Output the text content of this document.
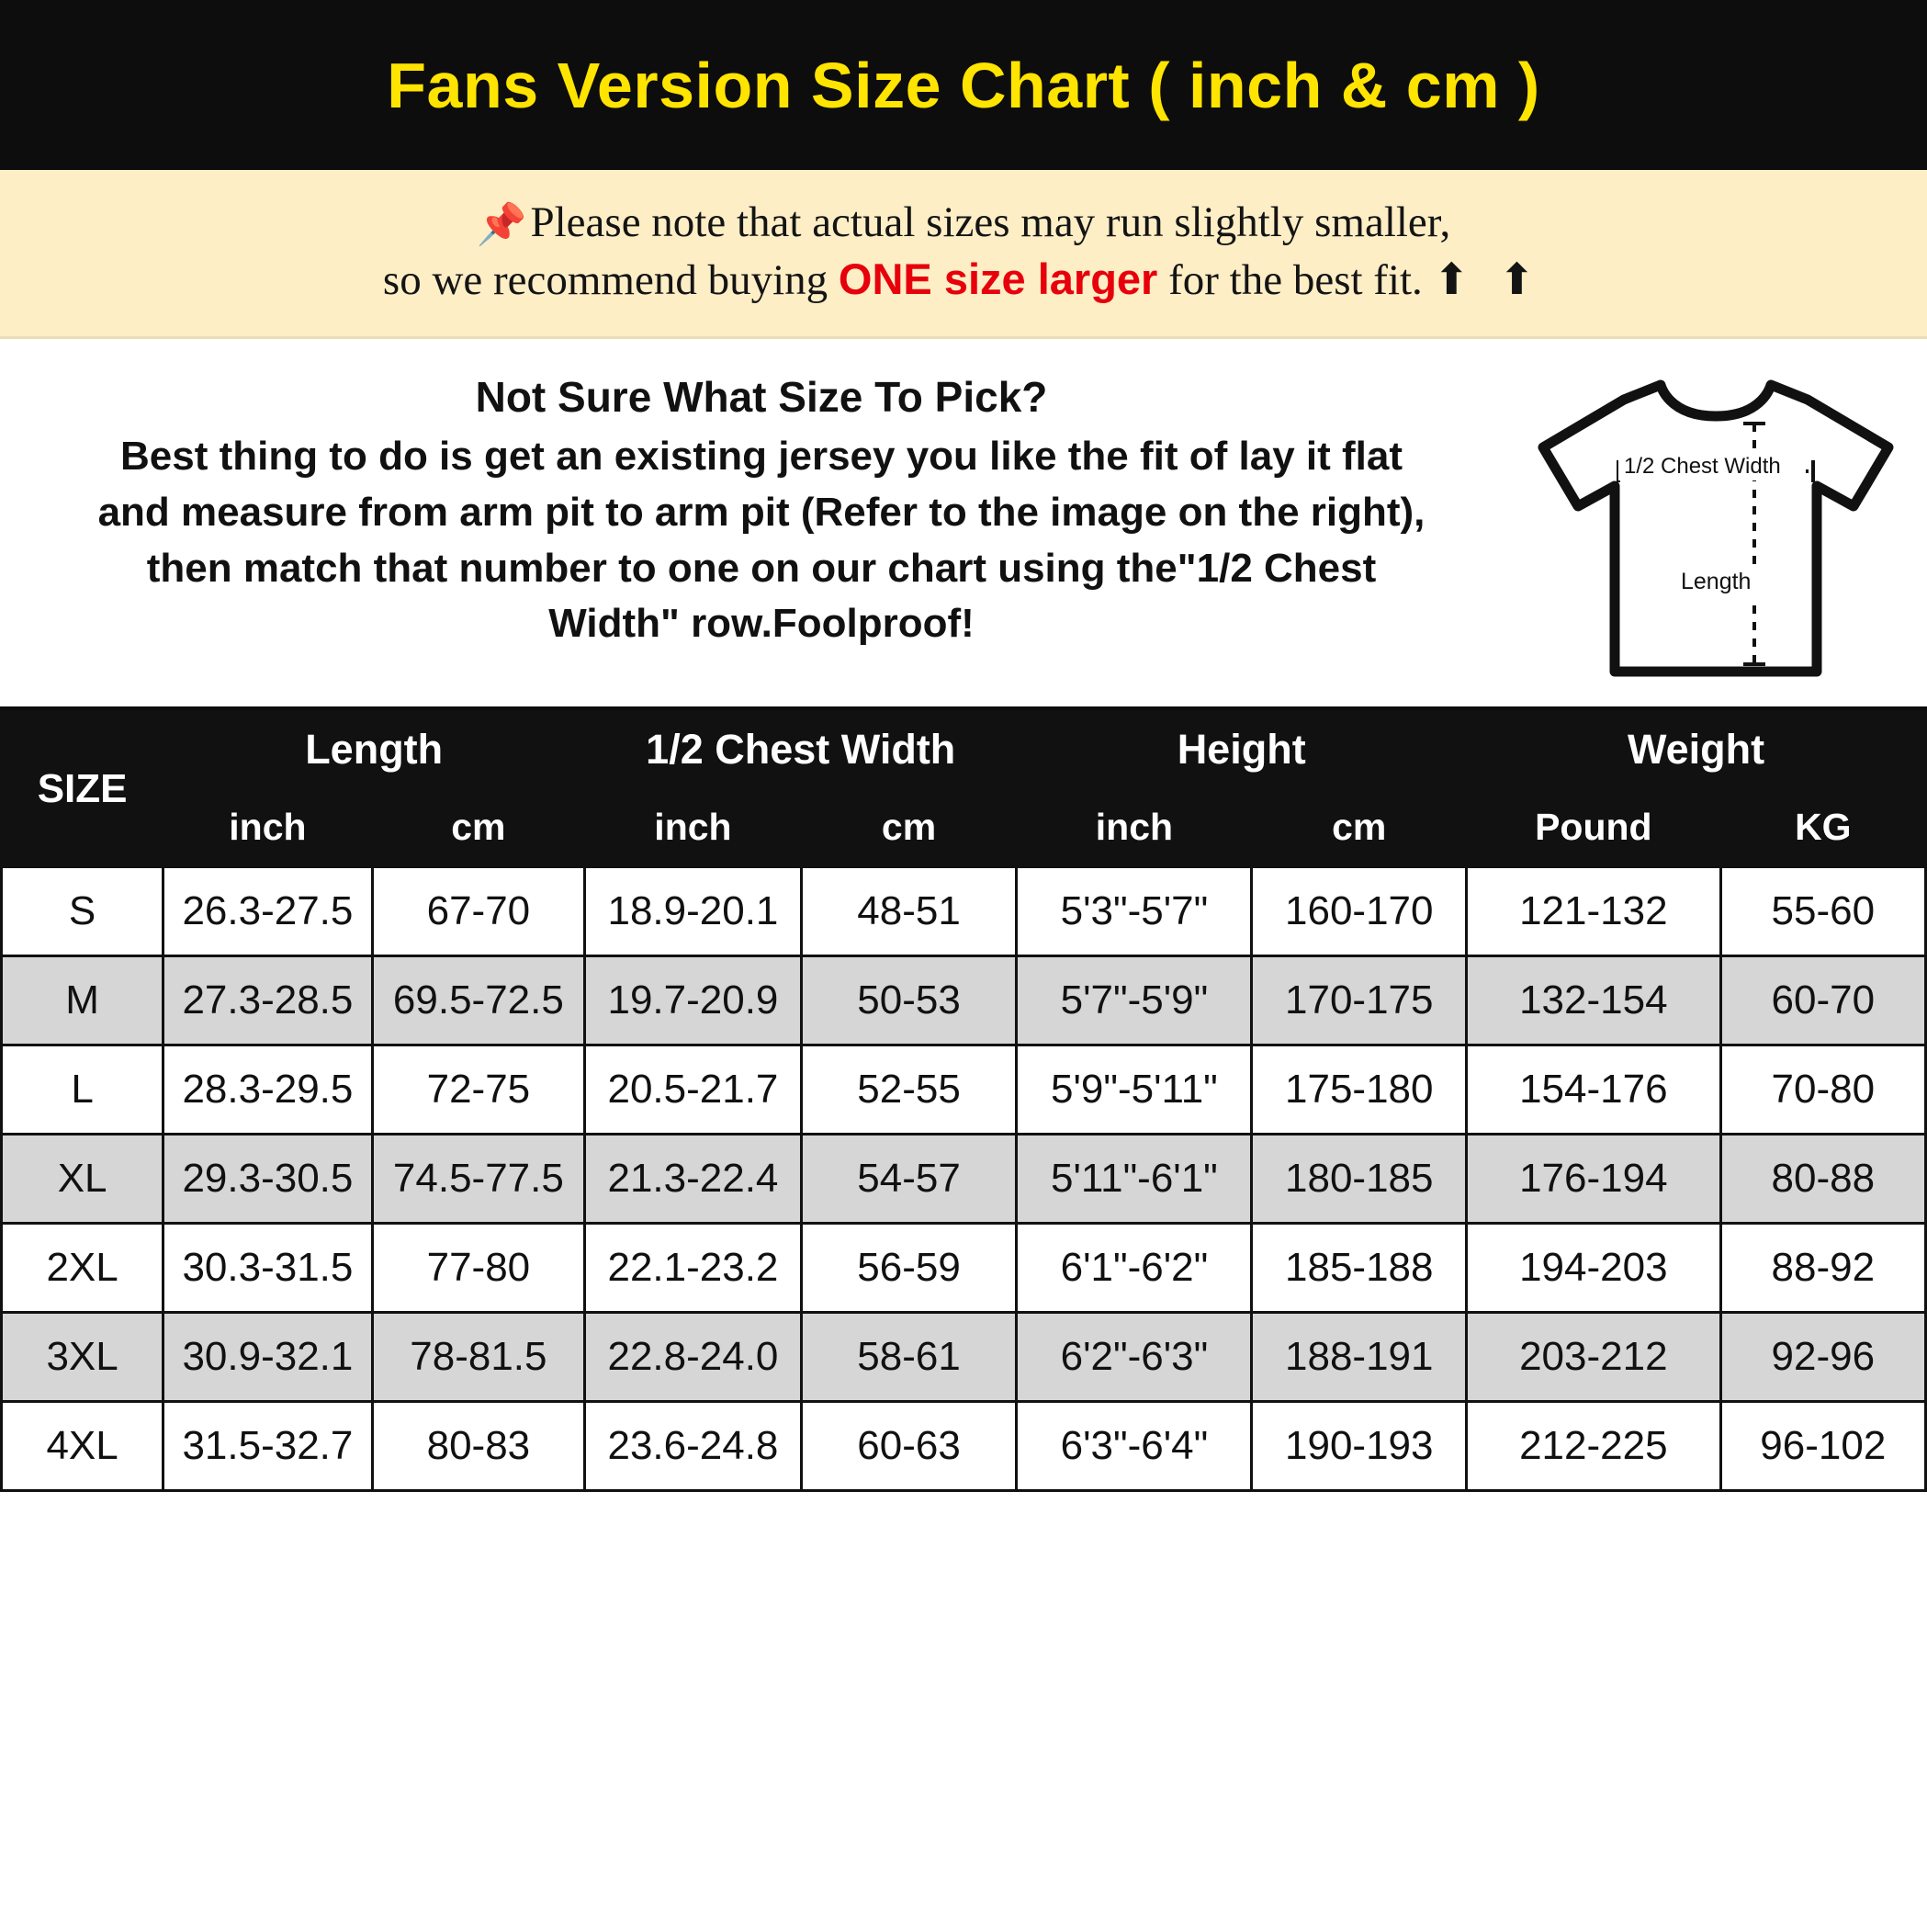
Fans Version Size Chart ( inch & cm )
📌Please note that actual sizes may run slightly smaller,
so we recommend buying ONE size larger for the best fit. ⬆ ⬆
Not Sure What Size To Pick?
Best thing to do is get an existing jersey you like the fit of lay it flat
and measure from arm pit to arm pit (Refer to the image on the right),
then match that number to one on our chart using the"1/2 Chest
Width" row.Foolproof!
1/2 Chest Width
Length
SIZE	Length		1/2 Chest Width		Height		Weight	
	inch	cm	inch	cm	inch	cm	Pound	KG
S	26.3-27.5	67-70	18.9-20.1	48-51	5'3"-5'7"	160-170	121-132	55-60
M	27.3-28.5	69.5-72.5	19.7-20.9	50-53	5'7"-5'9"	170-175	132-154	60-70
L	28.3-29.5	72-75	20.5-21.7	52-55	5'9"-5'11"	175-180	154-176	70-80
XL	29.3-30.5	74.5-77.5	21.3-22.4	54-57	5'11"-6'1"	180-185	176-194	80-88
2XL	30.3-31.5	77-80	22.1-23.2	56-59	6'1"-6'2"	185-188	194-203	88-92
3XL	30.9-32.1	78-81.5	22.8-24.0	58-61	6'2"-6'3"	188-191	203-212	92-96
4XL	31.5-32.7	80-83	23.6-24.8	60-63	6'3"-6'4"	190-193	212-225	96-102
